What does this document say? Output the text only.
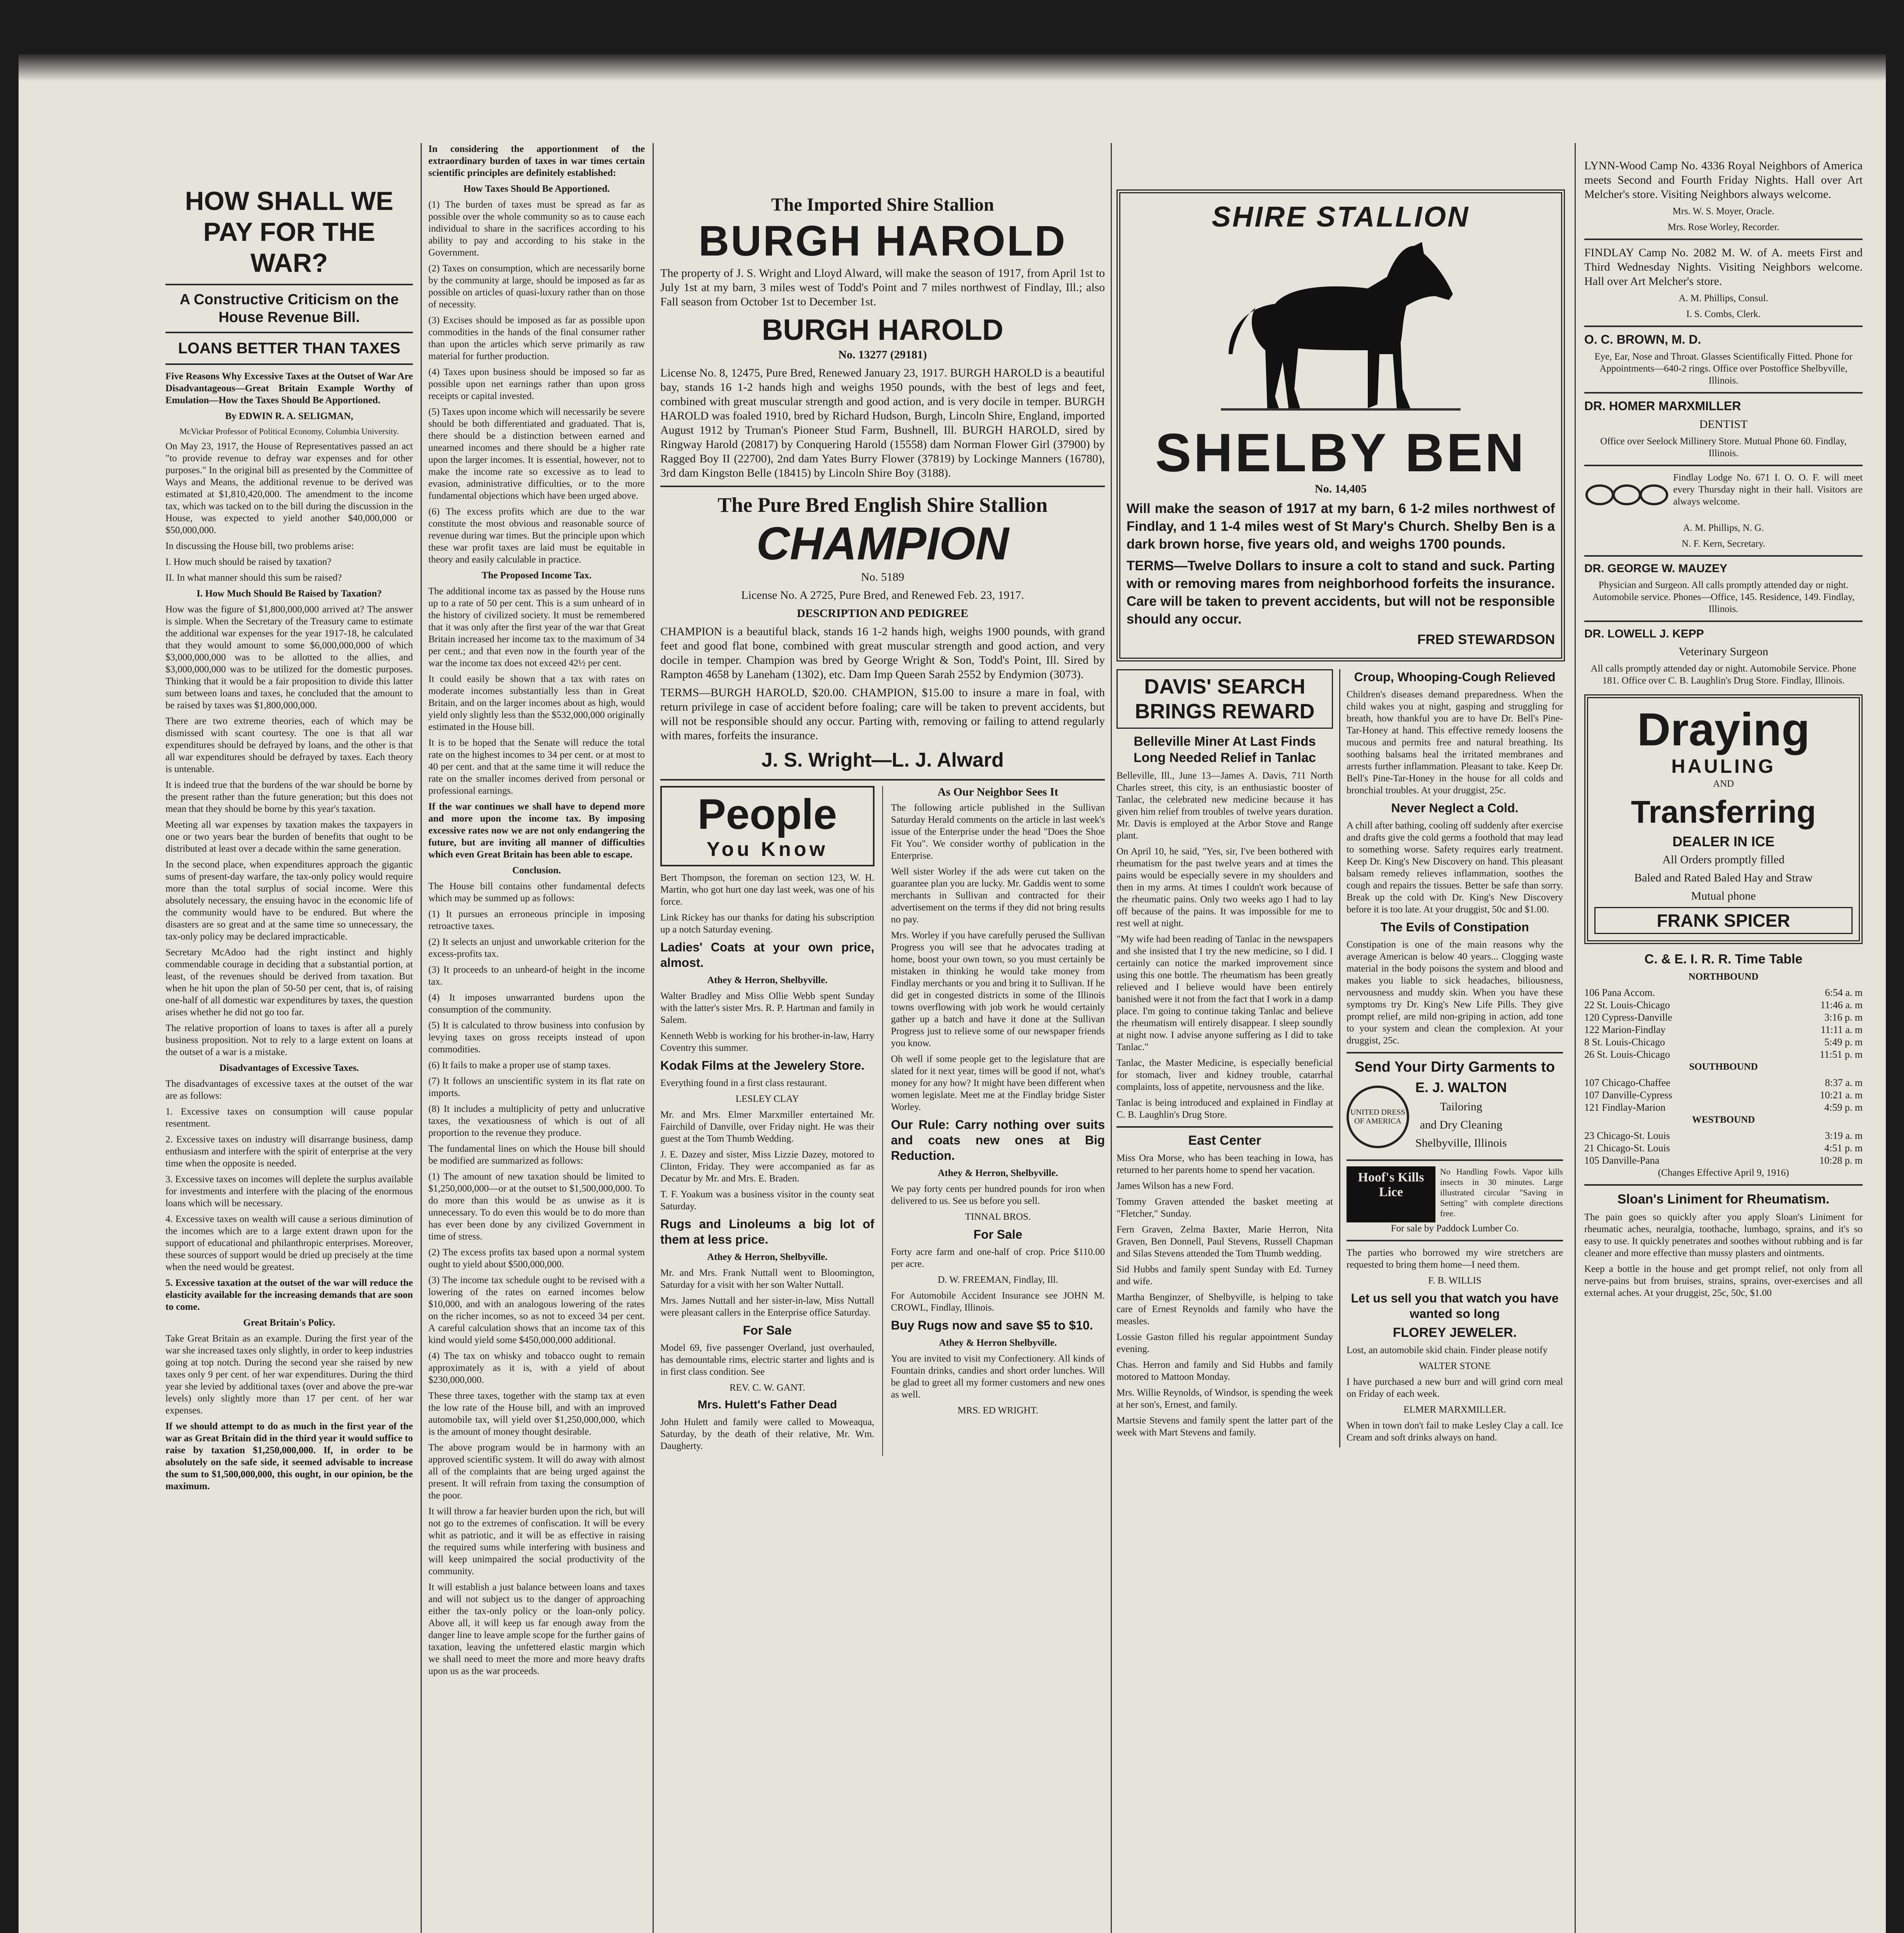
HOW SHALL WE PAY FOR THE WAR?
A Constructive Criticism on the House Revenue Bill.
LOANS BETTER THAN TAXES

Five Reasons Why Excessive Taxes at the Outset of War Are Disadvantageous—Great Britain Example Worthy of Emulation—How the Taxes Should Be Apportioned.

By EDWIN R. A. SELIGMAN,

McVickar Professor of Political Economy, Columbia University.

On May 23, 1917, the House of Representatives passed an act "to provide revenue to defray war expenses and for other purposes." In the original bill as presented by the Committee of Ways and Means, the additional revenue to be derived was estimated at $1,810,420,000. The amendment to the income tax, which was tacked on to the bill during the discussion in the House, was expected to yield another $40,000,000 or $50,000,000.

In discussing the House bill, two problems arise:

I. How much should be raised by taxation?

II. In what manner should this sum be raised?

I. How Much Should Be Raised by Taxation?

How was the figure of $1,800,000,000 arrived at? The answer is simple. When the Secretary of the Treasury came to estimate the additional war expenses for the year 1917-18, he calculated that they would amount to some $6,000,000,000 of which $3,000,000,000 was to be allotted to the allies, and $3,000,000,000 was to be utilized for the domestic purposes. Thinking that it would be a fair proposition to divide this latter sum between loans and taxes, he concluded that the amount to be raised by taxes was $1,800,000,000.

There are two extreme theories, each of which may be dismissed with scant courtesy. The one is that all war expenditures should be defrayed by loans, and the other is that all war expenditures should be defrayed by taxes. Each theory is untenable.

It is indeed true that the burdens of the war should be borne by the present rather than the future generation; but this does not mean that they should be borne by this year's taxation.

Meeting all war expenses by taxation makes the taxpayers in one or two years bear the burden of benefits that ought to be distributed at least over a decade within the same generation.

In the second place, when expenditures approach the gigantic sums of present-day warfare, the tax-only policy would require more than the total surplus of social income. Were this absolutely necessary, the ensuing havoc in the economic life of the community would have to be endured. But where the disasters are so great and at the same time so unnecessary, the tax-only policy may be declared impracticable.

Secretary McAdoo had the right instinct and highly commendable courage in deciding that a substantial portion, at least, of the revenues should be derived from taxation. But when he hit upon the plan of 50-50 per cent, that is, of raising one-half of all domestic war expenditures by taxes, the question arises whether he did not go too far.

The relative proportion of loans to taxes is after all a purely business proposition. Not to rely to a large extent on loans at the outset of a war is a mistake.

Disadvantages of Excessive Taxes.

The disadvantages of excessive taxes at the outset of the war are as follows:

1. Excessive taxes on consumption will cause popular resentment.

2. Excessive taxes on industry will disarrange business, damp enthusiasm and interfere with the spirit of enterprise at the very time when the opposite is needed.

3. Excessive taxes on incomes will deplete the surplus available for investments and interfere with the placing of the enormous loans which will be necessary.

4. Excessive taxes on wealth will cause a serious diminution of the incomes which are to a large extent drawn upon for the support of educational and philanthropic enterprises. Moreover, these sources of support would be dried up precisely at the time when the need would be greatest.

5. Excessive taxation at the outset of the war will reduce the elasticity available for the increasing demands that are soon to come.

Great Britain's Policy.

Take Great Britain as an example. During the first year of the war she increased taxes only slightly, in order to keep industries going at top notch. During the second year she raised by new taxes only 9 per cent. of her war expenditures. During the third year she levied by additional taxes (over and above the pre-war levels) only slightly more than 17 per cent. of her war expenses.

If we should attempt to do as much in the first year of the war as Great Britain did in the third year it would suffice to raise by taxation $1,250,000,000. If, in order to be absolutely on the safe side, it seemed advisable to increase the sum to $1,500,000,000, this ought, in our opinion, be the maximum.

In considering the apportionment of the extraordinary burden of taxes in war times certain scientific principles are definitely established:

How Taxes Should Be Apportioned.

(1) The burden of taxes must be spread as far as possible over the whole community so as to cause each individual to share in the sacrifices according to his ability to pay and according to his stake in the Government.

(2) Taxes on consumption, which are necessarily borne by the community at large, should be imposed as far as possible on articles of quasi-luxury rather than on those of necessity.

(3) Excises should be imposed as far as possible upon commodities in the hands of the final consumer rather than upon the articles which serve primarily as raw material for further production.

(4) Taxes upon business should be imposed so far as possible upon net earnings rather than upon gross receipts or capital invested.

(5) Taxes upon income which will necessarily be severe should be both differentiated and graduated. That is, there should be a distinction between earned and unearned incomes and there should be a higher rate upon the larger incomes. It is essential, however, not to make the income rate so excessive as to lead to evasion, administrative difficulties, or to the more fundamental objections which have been urged above.

(6) The excess profits which are due to the war constitute the most obvious and reasonable source of revenue during war times. But the principle upon which these war profit taxes are laid must be equitable in theory and easily calculable in practice.

The Proposed Income Tax.

The additional income tax as passed by the House runs up to a rate of 50 per cent. This is a sum unheard of in the history of civilized society. It must be remembered that it was only after the first year of the war that Great Britain increased her income tax to the maximum of 34 per cent.; and that even now in the fourth year of the war the income tax does not exceed 42½ per cent.

It could easily be shown that a tax with rates on moderate incomes substantially less than in Great Britain, and on the larger incomes about as high, would yield only slightly less than the $532,000,000 originally estimated in the House bill.

It is to be hoped that the Senate will reduce the total rate on the highest incomes to 34 per cent. or at most to 40 per cent. and that at the same time it will reduce the rate on the smaller incomes derived from personal or professional earnings.

If the war continues we shall have to depend more and more upon the income tax. By imposing excessive rates now we are not only endangering the future, but are inviting all manner of difficulties which even Great Britain has been able to escape.

Conclusion.

The House bill contains other fundamental defects which may be summed up as follows:

(1) It pursues an erroneous principle in imposing retroactive taxes.

(2) It selects an unjust and unworkable criterion for the excess-profits tax.

(3) It proceeds to an unheard-of height in the income tax.

(4) It imposes unwarranted burdens upon the consumption of the community.

(5) It is calculated to throw business into confusion by levying taxes on gross receipts instead of upon commodities.

(6) It fails to make a proper use of stamp taxes.

(7) It follows an unscientific system in its flat rate on imports.

(8) It includes a multiplicity of petty and unlucrative taxes, the vexatiousness of which is out of all proportion to the revenue they produce.

The fundamental lines on which the House bill should be modified are summarized as follows:

(1) The amount of new taxation should be limited to $1,250,000,000—or at the outset to $1,500,000,000. To do more than this would be as unwise as it is unnecessary. To do even this would be to do more than has ever been done by any civilized Government in time of stress.

(2) The excess profits tax based upon a normal system ought to yield about $500,000,000.

(3) The income tax schedule ought to be revised with a lowering of the rates on earned incomes below $10,000, and with an analogous lowering of the rates on the richer incomes, so as not to exceed 34 per cent. A careful calculation shows that an income tax of this kind would yield some $450,000,000 additional.

(4) The tax on whisky and tobacco ought to remain approximately as it is, with a yield of about $230,000,000.

These three taxes, together with the stamp tax at even the low rate of the House bill, and with an improved automobile tax, will yield over $1,250,000,000, which is the amount of money thought desirable.

The above program would be in harmony with an approved scientific system. It will do away with almost all of the complaints that are being urged against the present. It will refrain from taxing the consumption of the poor.

It will throw a far heavier burden upon the rich, but will not go to the extremes of confiscation. It will be every whit as patriotic, and it will be as effective in raising the required sums while interfering with business and will keep unimpaired the social productivity of the community.

It will establish a just balance between loans and taxes and will not subject us to the danger of approaching either the tax-only policy or the loan-only policy. Above all, it will keep us far enough away from the danger line to leave ample scope for the further gains of taxation, leaving the unfettered elastic margin which we shall need to meet the more and more heavy drafts upon us as the war proceeds.

The Imported Shire Stallion
BURGH HAROLD

The property of J. S. Wright and Lloyd Alward, will make the season of 1917, from April 1st to July 1st at my barn, 3 miles west of Todd's Point and 7 miles northwest of Findlay, Ill.; also Fall season from October 1st to December 1st.

BURGH HAROLD

No. 13277 (29181)

License No. 8, 12475, Pure Bred, Renewed January 23, 1917. BURGH HAROLD is a beautiful bay, stands 16 1-2 hands high and weighs 1950 pounds, with the best of legs and feet, combined with great muscular strength and good action, and is very docile in temper. BURGH HAROLD was foaled 1910, bred by Richard Hudson, Burgh, Lincoln Shire, England, imported August 1912 by Truman's Pioneer Stud Farm, Bushnell, Ill. BURGH HAROLD, sired by Ringway Harold (20817) by Conquering Harold (15558) dam Norman Flower Girl (37900) by Ragged Boy II (22700), 2nd dam Yates Burry Flower (37819) by Lockinge Manners (16780), 3rd dam Kingston Belle (18415) by Lincoln Shire Boy (3188).

The Pure Bred English Shire Stallion
CHAMPION

No. 5189

License No. A 2725, Pure Bred, and Renewed Feb. 23, 1917.

DESCRIPTION AND PEDIGREE

CHAMPION is a beautiful black, stands 16 1-2 hands high, weighs 1900 pounds, with grand feet and good flat bone, combined with great muscular strength and good action, and very docile in temper. Champion was bred by George Wright & Son, Todd's Point, Ill. Sired by Rampton 4658 by Laneham (1302), etc. Dam Imp Queen Sarah 2552 by Endymion (3073).

TERMS—BURGH HAROLD, $20.00. CHAMPION, $15.00 to insure a mare in foal, with return privilege in case of accident before foaling; care will be taken to prevent accidents, but will not be responsible should any occur. Parting with, removing or failing to attend regularly with mares, forfeits the insurance.

J. S. Wright—L. J. Alward
People
You Know

Bert Thompson, the foreman on section 123, W. H. Martin, who got hurt one day last week, was one of his force.

Link Rickey has our thanks for dating his subscription up a notch Saturday evening.

Ladies' Coats at your own price, almost.

Athey & Herron, Shelbyville.

Walter Bradley and Miss Ollie Webb spent Sunday with the latter's sister Mrs. R. P. Hartman and family in Salem.

Kenneth Webb is working for his brother-in-law, Harry Coventry this summer.

Kodak Films at the Jewelery Store.

Everything found in a first class restaurant.

LESLEY CLAY

Mr. and Mrs. Elmer Marxmiller entertained Mr. Fairchild of Danville, over Friday night. He was their guest at the Tom Thumb Wedding.

J. E. Dazey and sister, Miss Lizzie Dazey, motored to Clinton, Friday. They were accompanied as far as Decatur by Mr. and Mrs. E. Braden.

T. F. Yoakum was a business visitor in the county seat Saturday.

Rugs and Linoleums a big lot of them at less price.

Athey & Herron, Shelbyville.

Mr. and Mrs. Frank Nuttall went to Bloomington, Saturday for a visit with her son Walter Nuttall.

Mrs. James Nuttall and her sister-in-law, Miss Nuttall were pleasant callers in the Enterprise office Saturday.

For Sale

Model 69, five passenger Overland, just overhauled, has demountable rims, electric starter and lights and is in first class condition. See

REV. C. W. GANT.

Mrs. Hulett's Father Dead

John Hulett and family were called to Moweaqua, Saturday, by the death of their relative, Mr. Wm. Daugherty.

As Our Neighbor Sees It

The following article published in the Sullivan Saturday Herald comments on the article in last week's issue of the Enterprise under the head "Does the Shoe Fit You". We consider worthy of publication in the Enterprise.

Well sister Worley if the ads were cut taken on the guarantee plan you are lucky. Mr. Gaddis went to some merchants in Sullivan and contracted for their advertisement on the terms if they did not bring results no pay.

Mrs. Worley if you have carefully perused the Sullivan Progress you will see that he advocates trading at home, boost your own town, so you must certainly be mistaken in thinking he would take money from Findlay merchants or you and bring it to Sullivan. If he did get in congested districts in some of the Illinois towns overflowing with job work he would certainly gather up a batch and have it done at the Sullivan Progress just to relieve some of our newspaper friends you know.

Oh well if some people get to the legislature that are slated for it next year, times will be good if not, what's money for any how? It might have been different when women legislate. Meet me at the Findlay bridge Sister Worley.

Our Rule: Carry nothing over suits and coats new ones at Big Reduction.

Athey & Herron, Shelbyville.

We pay forty cents per hundred pounds for iron when delivered to us. See us before you sell.

TINNAL BROS.

For Sale

Forty acre farm and one-half of crop. Price $110.00 per acre.

D. W. FREEMAN, Findlay, Ill.

For Automobile Accident Insurance see JOHN M. CROWL, Findlay, Illinois.

Buy Rugs now and save $5 to $10.

Athey & Herron Shelbyville.

You are invited to visit my Confectionery. All kinds of Fountain drinks, candies and short order lunches. Will be glad to greet all my former customers and new ones as well.

MRS. ED WRIGHT.

SHIRE STALLION
SHELBY BEN

No. 14,405

Will make the season of 1917 at my barn, 6 1-2 miles northwest of Findlay, and 1 1-4 miles west of St Mary's Church. Shelby Ben is a dark brown horse, five years old, and weighs 1700 pounds.

TERMS—Twelve Dollars to insure a colt to stand and suck. Parting with or removing mares from neighborhood forfeits the insurance. Care will be taken to prevent accidents, but will not be responsible should any occur.

FRED STEWARDSON

DAVIS' SEARCH BRINGS REWARD

Belleville Miner At Last Finds Long Needed Relief in Tanlac

Belleville, Ill., June 13—James A. Davis, 711 North Charles street, this city, is an enthusiastic booster of Tanlac, the celebrated new medicine because it has given him relief from troubles of twelve years duration. Mr. Davis is employed at the Arbor Stove and Range plant.

On April 10, he said, "Yes, sir, I've been bothered with rheumatism for the past twelve years and at times the pains would be especially severe in my shoulders and then in my arms. At times I couldn't work because of the rheumatic pains. Only two weeks ago I had to lay off because of the pains. It was impossible for me to rest well at night.

"My wife had been reading of Tanlac in the newspapers and she insisted that I try the new medicine, so I did. I certainly can notice the marked improvement since using this one bottle. The rheumatism has been greatly relieved and I believe would have been entirely banished were it not from the fact that I work in a damp place. I'm going to continue taking Tanlac and believe the rheumatism will entirely disappear. I sleep soundly at night now. I advise anyone suffering as I did to take Tanlac."

Tanlac, the Master Medicine, is especially beneficial for stomach, liver and kidney trouble, catarrhal complaints, loss of appetite, nervousness and the like.

Tanlac is being introduced and explained in Findlay at C. B. Laughlin's Drug Store.

East Center

Miss Ora Morse, who has been teaching in Iowa, has returned to her parents home to spend her vacation.

James Wilson has a new Ford.

Tommy Graven attended the basket meeting at "Fletcher," Sunday.

Fern Graven, Zelma Baxter, Marie Herron, Nita Graven, Ben Donnell, Paul Stevens, Russell Chapman and Silas Stevens attended the Tom Thumb wedding.

Sid Hubbs and family spent Sunday with Ed. Turney and wife.

Martha Benginzer, of Shelbyville, is helping to take care of Ernest Reynolds and family who have the measles.

Lossie Gaston filled his regular appointment Sunday evening.

Chas. Herron and family and Sid Hubbs and family motored to Mattoon Monday.

Mrs. Willie Reynolds, of Windsor, is spending the week at her son's, Ernest, and family.

Martsie Stevens and family spent the latter part of the week with Mart Stevens and family.

Croup, Whooping-Cough Relieved

Children's diseases demand preparedness. When the child wakes you at night, gasping and struggling for breath, how thankful you are to have Dr. Bell's Pine-Tar-Honey at hand. This effective remedy loosens the mucous and permits free and natural breathing. Its soothing balsams heal the irritated membranes and arrests further inflammation. Pleasant to take. Keep Dr. Bell's Pine-Tar-Honey in the house for all colds and bronchial troubles. At your druggist, 25c.

Never Neglect a Cold.

A chill after bathing, cooling off suddenly after exercise and drafts give the cold germs a foothold that may lead to something worse. Safety requires early treatment. Keep Dr. King's New Discovery on hand. This pleasant balsam remedy relieves inflammation, soothes the cough and repairs the tissues. Better be safe than sorry. Break up the cold with Dr. King's New Discovery before it is too late. At your druggist, 50c and $1.00.

The Evils of Constipation

Constipation is one of the main reasons why the average American is below 40 years... Clogging waste material in the body poisons the system and blood and makes you liable to sick headaches, biliousness, nervousness and muddy skin. When you have these symptoms try Dr. King's New Life Pills. They give prompt relief, are mild non-griping in action, add tone to your system and clean the complexion. At your druggist, 25c.

Send Your Dirty Garments to

UNITED DRESS OF AMERICA

E. J. WALTON

Tailoring

and Dry Cleaning

Shelbyville, Illinois

Hoof's Kills Lice

No Handling Fowls. Vapor kills insects in 30 minutes. Large illustrated circular "Saving in Setting" with complete directions free.

For sale by Paddock Lumber Co.

The parties who borrowed my wire stretchers are requested to bring them home—I need them.

F. B. WILLIS

Let us sell you that watch you have wanted so long

FLOREY JEWELER.

Lost, an automobile skid chain. Finder please notify

WALTER STONE

I have purchased a new burr and will grind corn meal on Friday of each week.

ELMER MARXMILLER.

When in town don't fail to make Lesley Clay a call. Ice Cream and soft drinks always on hand.

LYNN-Wood Camp No. 4336 Royal Neighbors of America meets Second and Fourth Friday Nights. Hall over Art Melcher's store. Visiting Neighbors always welcome.

Mrs. W. S. Moyer, Oracle.

Mrs. Rose Worley, Recorder.

FINDLAY Camp No. 2082 M. W. of A. meets First and Third Wednesday Nights. Visiting Neighbors welcome. Hall over Art Melcher's store.

A. M. Phillips, Consul.

I. S. Combs, Clerk.

O. C. BROWN, M. D.

Eye, Ear, Nose and Throat. Glasses Scientifically Fitted. Phone for Appointments—640-2 rings. Office over Postoffice Shelbyville, Illinois.

DR. HOMER MARXMILLER

DENTIST

Office over Seelock Millinery Store. Mutual Phone 60. Findlay, Illinois.

Findlay Lodge No. 671 I. O. O. F. will meet every Thursday night in their hall. Visitors are always welcome.

A. M. Phillips, N. G.

N. F. Kern, Secretary.

DR. GEORGE W. MAUZEY

Physician and Surgeon. All calls promptly attended day or night. Automobile service. Phones—Office, 145. Residence, 149. Findlay, Illinois.

DR. LOWELL J. KEPP

Veterinary Surgeon

All calls promptly attended day or night. Automobile Service. Phone 181. Office over C. B. Laughlin's Drug Store. Findlay, Illinois.

Draying
HAULING

AND

Transferring
DEALER IN ICE

All Orders promptly filled

Baled and Rated Baled Hay and Straw

Mutual phone

FRANK SPICER

C. & E. I. R. R. Time Table

NORTHBOUND

106 Pana Accom.	6:54 a. m
22 St. Louis-Chicago	11:46 a. m
120 Cypress-Danville	3:16 p. m
122 Marion-Findlay	11:11 a. m
8 St. Louis-Chicago	5:49 p. m
26 St. Louis-Chicago	11:51 p. m

SOUTHBOUND

107 Chicago-Chaffee	8:37 a. m
107 Danville-Cypress	10:21 a. m
121 Findlay-Marion	4:59 p. m

WESTBOUND

23 Chicago-St. Louis	3:19 a. m
21 Chicago-St. Louis	4:51 p. m
105 Danville-Pana	10:28 p. m

(Changes Effective April 9, 1916)

Sloan's Liniment for Rheumatism.

The pain goes so quickly after you apply Sloan's Liniment for rheumatic aches, neuralgia, toothache, lumbago, sprains, and it's so easy to use. It quickly penetrates and soothes without rubbing and is far cleaner and more effective than mussy plasters and ointments.

Keep a bottle in the house and get prompt relief, not only from all nerve-pains but from bruises, strains, sprains, over-exercises and all external aches. At your druggist, 25c, 50c, $1.00
